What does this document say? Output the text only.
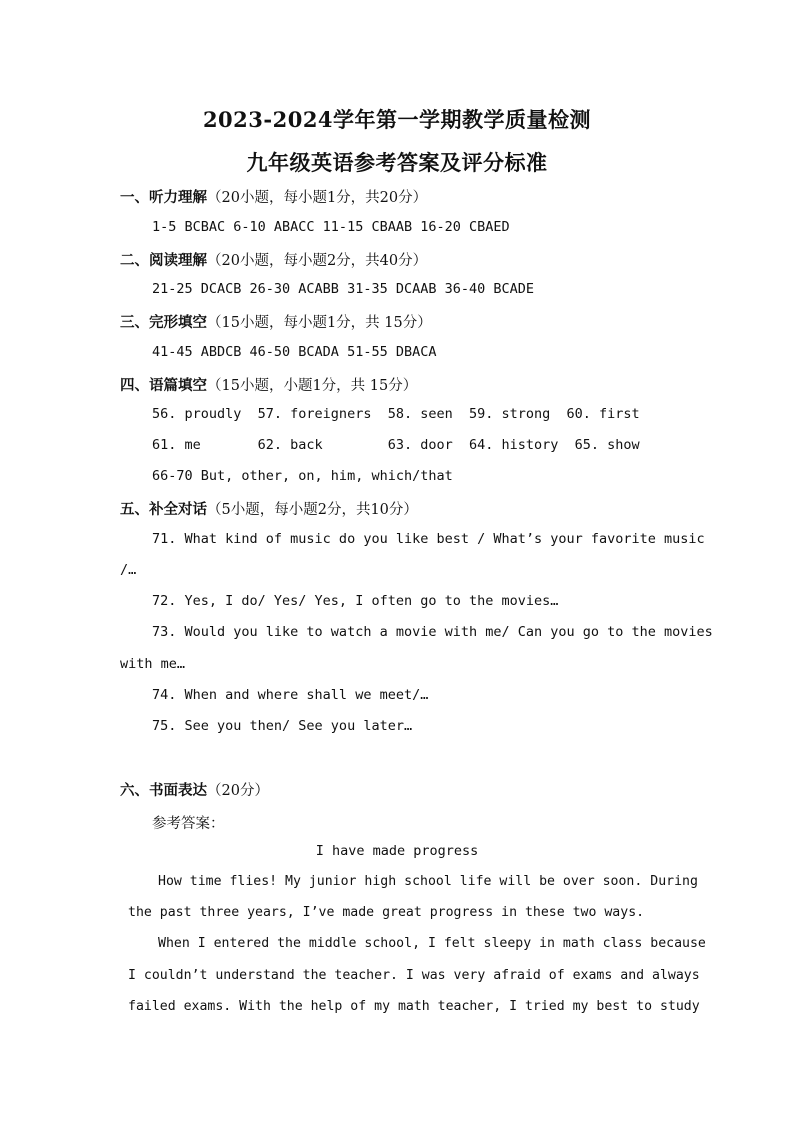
2023-2024学年第一学期教学质量检测
九年级英语参考答案及评分标准
一、听力理解（20小题，每小题1分，共20分）
1-5 BCBAC 6-10 ABACC 11-15 CBAAB 16-20 CBAED
二、阅读理解（20小题，每小题2分，共40分）
21-25 DCACB 26-30 ACABB 31-35 DCAAB 36-40 BCADE
三、完形填空（15小题，每小题1分，共 15分）
41-45 ABDCB 46-50 BCADA 51-55 DBACA
四、语篇填空（15小题，小题1分，共 15分）
56. proudly  57. foreigners  58. seen  59. strong  60. first
61. me       62. back        63. door  64. history  65. show
66-70 But, other, on, him, which/that
五、补全对话（5小题，每小题2分，共10分）
71. What kind of music do you like best / What’s your favorite music
/…
72. Yes, I do/ Yes/ Yes, I often go to the movies…
73. Would you like to watch a movie with me/ Can you go to the movies
with me…
74. When and where shall we meet/…
75. See you then/ See you later…
六、书面表达（20分）
参考答案：
I have made progress
How time flies! My junior high school life will be over soon. During
the past three years, I’ve made great progress in these two ways.
When I entered the middle school, I felt sleepy in math class because
I couldn’t understand the teacher. I was very afraid of exams and always
failed exams. With the help of my math teacher, I tried my best to study
